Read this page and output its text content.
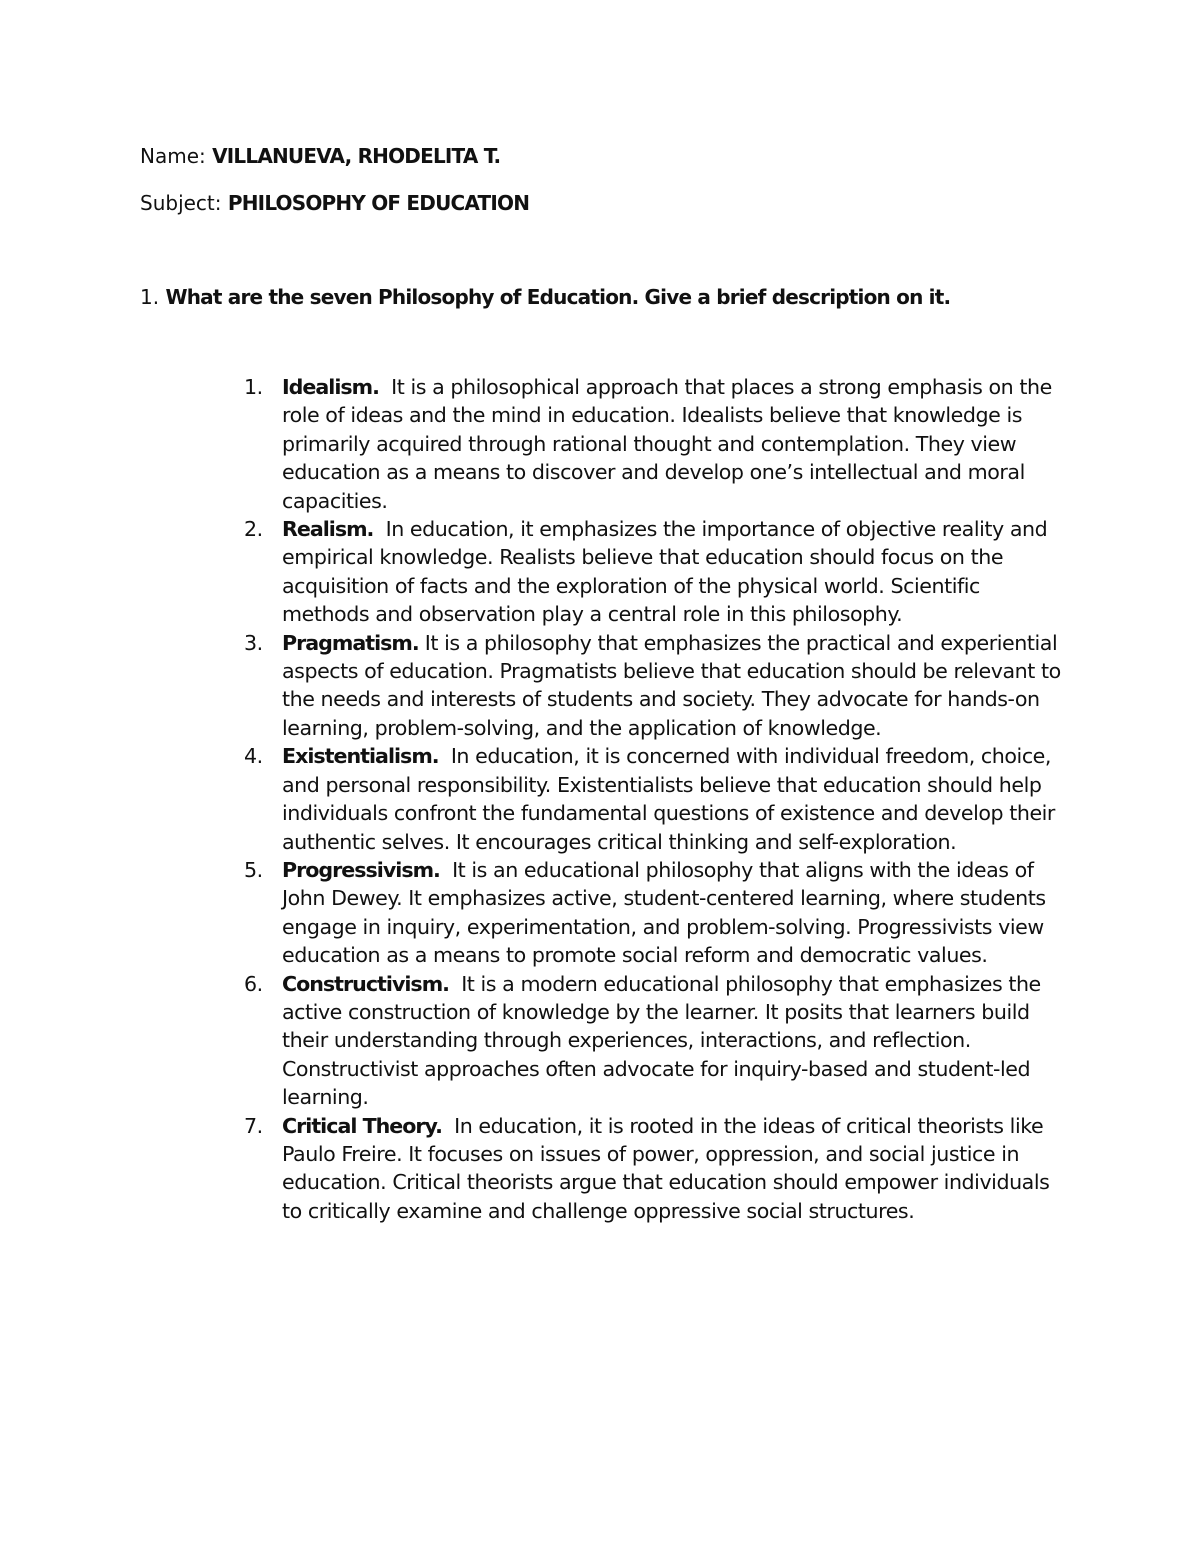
Name: VILLANUEVA, RHODELITA T.
Subject: PHILOSOPHY OF EDUCATION
1. What are the seven Philosophy of Education. Give a brief description on it.
1. Idealism. It is a philosophical approach that places a strong emphasis on the role of ideas and the mind in education. Idealists believe that knowledge is primarily acquired through rational thought and contemplation. They view education as a means to discover and develop one’s intellectual and moral capacities.
2. Realism. In education, it emphasizes the importance of objective reality and empirical knowledge. Realists believe that education should focus on the acquisition of facts and the exploration of the physical world. Scientific methods and observation play a central role in this philosophy.
3. Pragmatism. It is a philosophy that emphasizes the practical and experiential aspects of education. Pragmatists believe that education should be relevant to the needs and interests of students and society. They advocate for hands-on learning, problem-solving, and the application of knowledge.
4. Existentialism. In education, it is concerned with individual freedom, choice, and personal responsibility. Existentialists believe that education should help individuals confront the fundamental questions of existence and develop their authentic selves. It encourages critical thinking and self-exploration.
5. Progressivism. It is an educational philosophy that aligns with the ideas of John Dewey. It emphasizes active, student-centered learning, where students engage in inquiry, experimentation, and problem-solving. Progressivists view education as a means to promote social reform and democratic values.
6. Constructivism. It is a modern educational philosophy that emphasizes the active construction of knowledge by the learner. It posits that learners build their understanding through experiences, interactions, and reflection. Constructivist approaches often advocate for inquiry-based and student-led learning.
7. Critical Theory. In education, it is rooted in the ideas of critical theorists like Paulo Freire. It focuses on issues of power, oppression, and social justice in education. Critical theorists argue that education should empower individuals to critically examine and challenge oppressive social structures.
